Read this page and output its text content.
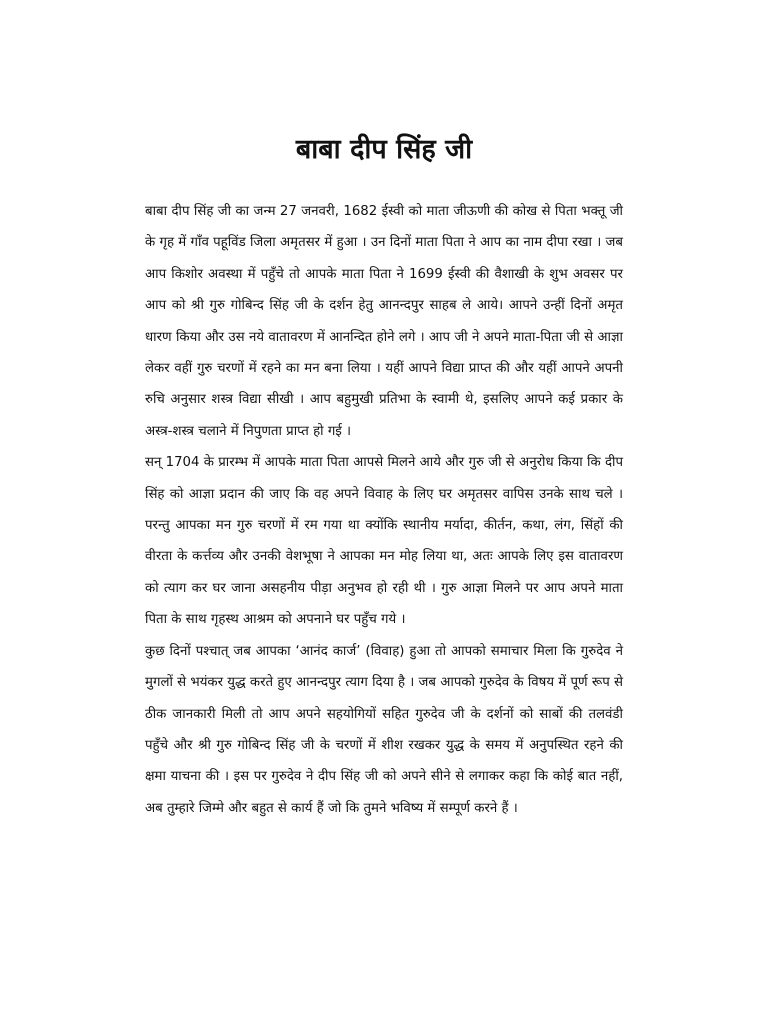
बाबा दीप सिंह जी

बाबा दीप सिंह जी का जन्म 27 जनवरी, 1682 ईस्वी को माता जीऊणी की कोख से पिता भक्तू जी के गृह में गाँव पहूविंड जिला अमृतसर में हुआ । उन दिनों माता पिता ने आप का नाम दीपा रखा । जब आप किशोर अवस्था में पहुँचे तो आपके माता पिता ने 1699 ईस्वी की वैशाखी के शुभ अवसर पर आप को श्री गुरु गोबिन्द सिंह जी के दर्शन हेतु आनन्दपुर साहब ले आये। आपने उन्हीं दिनों अमृत धारण किया और उस नये वातावरण में आनन्दित होने लगे । आप जी ने अपने माता-पिता जी से आज्ञा लेकर वहीं गुरु चरणों में रहने का मन बना लिया । यहीं आपने विद्या प्राप्त की और यहीं आपने अपनी रुचि अनुसार शस्त्र विद्या सीखी । आप बहुमुखी प्रतिभा के स्वामी थे, इसलिए आपने कई प्रकार के अस्त्र-शस्त्र चलाने में निपुणता प्राप्त हो गई ।

सन् 1704 के प्रारम्भ में आपके माता पिता आपसे मिलने आये और गुरु जी से अनुरोध किया कि दीप सिंह को आज्ञा प्रदान की जाए कि वह अपने विवाह के लिए घर अमृतसर वापिस उनके साथ चले । परन्तु आपका मन गुरु चरणों में रम गया था क्योंकि स्थानीय मर्यादा, कीर्तन, कथा, लंग, सिंहों की वीरता के कर्त्तव्य और उनकी वेशभूषा ने आपका मन मोह लिया था, अतः आपके लिए इस वातावरण को त्याग कर घर जाना असहनीय पीड़ा अनुभव हो रही थी । गुरु आज्ञा मिलने पर आप अपने माता पिता के साथ गृहस्थ आश्रम को अपनाने घर पहुँच गये ।

कुछ दिनों पश्चात् जब आपका ‘आनंद कार्ज’ (विवाह) हुआ तो आपको समाचार मिला कि गुरुदेव ने मुगलों से भयंकर युद्ध करते हुए आनन्दपुर त्याग दिया है । जब आपको गुरुदेव के विषय में पूर्ण रूप से ठीक जानकारी मिली तो आप अपने सहयोगियों सहित गुरुदेव जी के दर्शनों को साबों की तलवंडी पहुँचे और श्री गुरु गोबिन्द सिंह जी के चरणों में शीश रखकर युद्ध के समय में अनुपस्थित रहने की क्षमा याचना की । इस पर गुरुदेव ने दीप सिंह जी को अपने सीने से लगाकर कहा कि कोई बात नहीं, अब तुम्हारे जिम्मे और बहुत से कार्य हैं जो कि तुमने भविष्य में सम्पूर्ण करने हैं ।
